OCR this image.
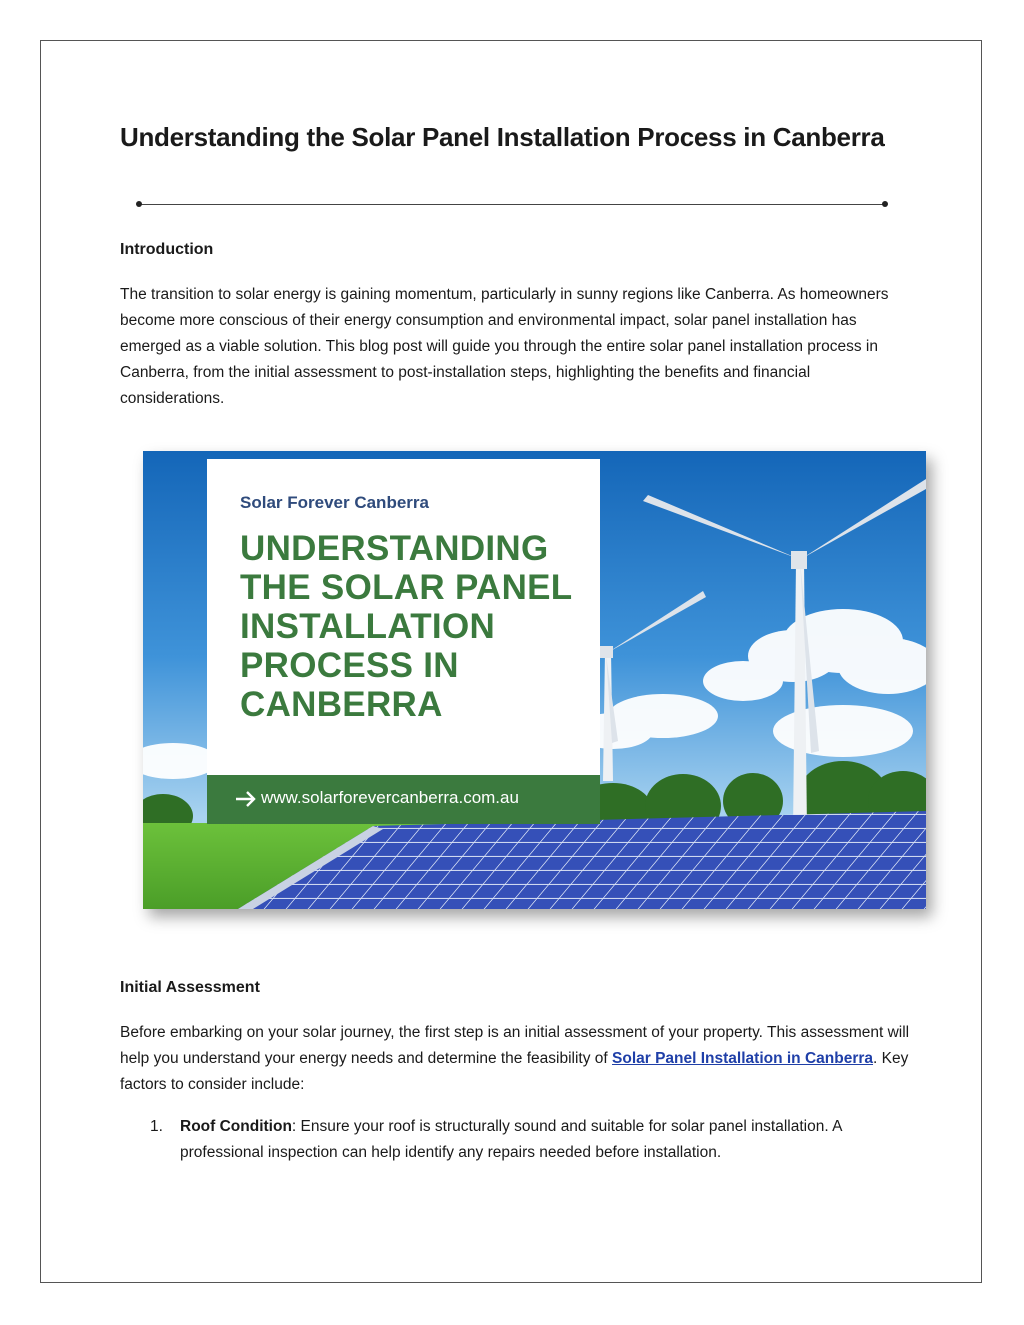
Understanding the Solar Panel Installation Process in Canberra
Introduction

The transition to solar energy is gaining momentum, particularly in sunny regions like Canberra. As homeowners become more conscious of their energy consumption and environmental impact, solar panel installation has emerged as a viable solution. This blog post will guide you through the entire solar panel installation process in Canberra, from the initial assessment to post-installation steps, highlighting the benefits and financial considerations.

Solar Forever Canberra

UNDERSTANDING THE SOLAR PANEL INSTALLATION PROCESS IN CANBERRA

www.solarforevercanberra.com.au
Initial Assessment

Before embarking on your solar journey, the first step is an initial assessment of your property. This assessment will help you understand your energy needs and determine the feasibility of Solar Panel Installation in Canberra. Key factors to consider include:

1. Roof Condition: Ensure your roof is structurally sound and suitable for solar panel installation. A professional inspection can help identify any repairs needed before installation.
